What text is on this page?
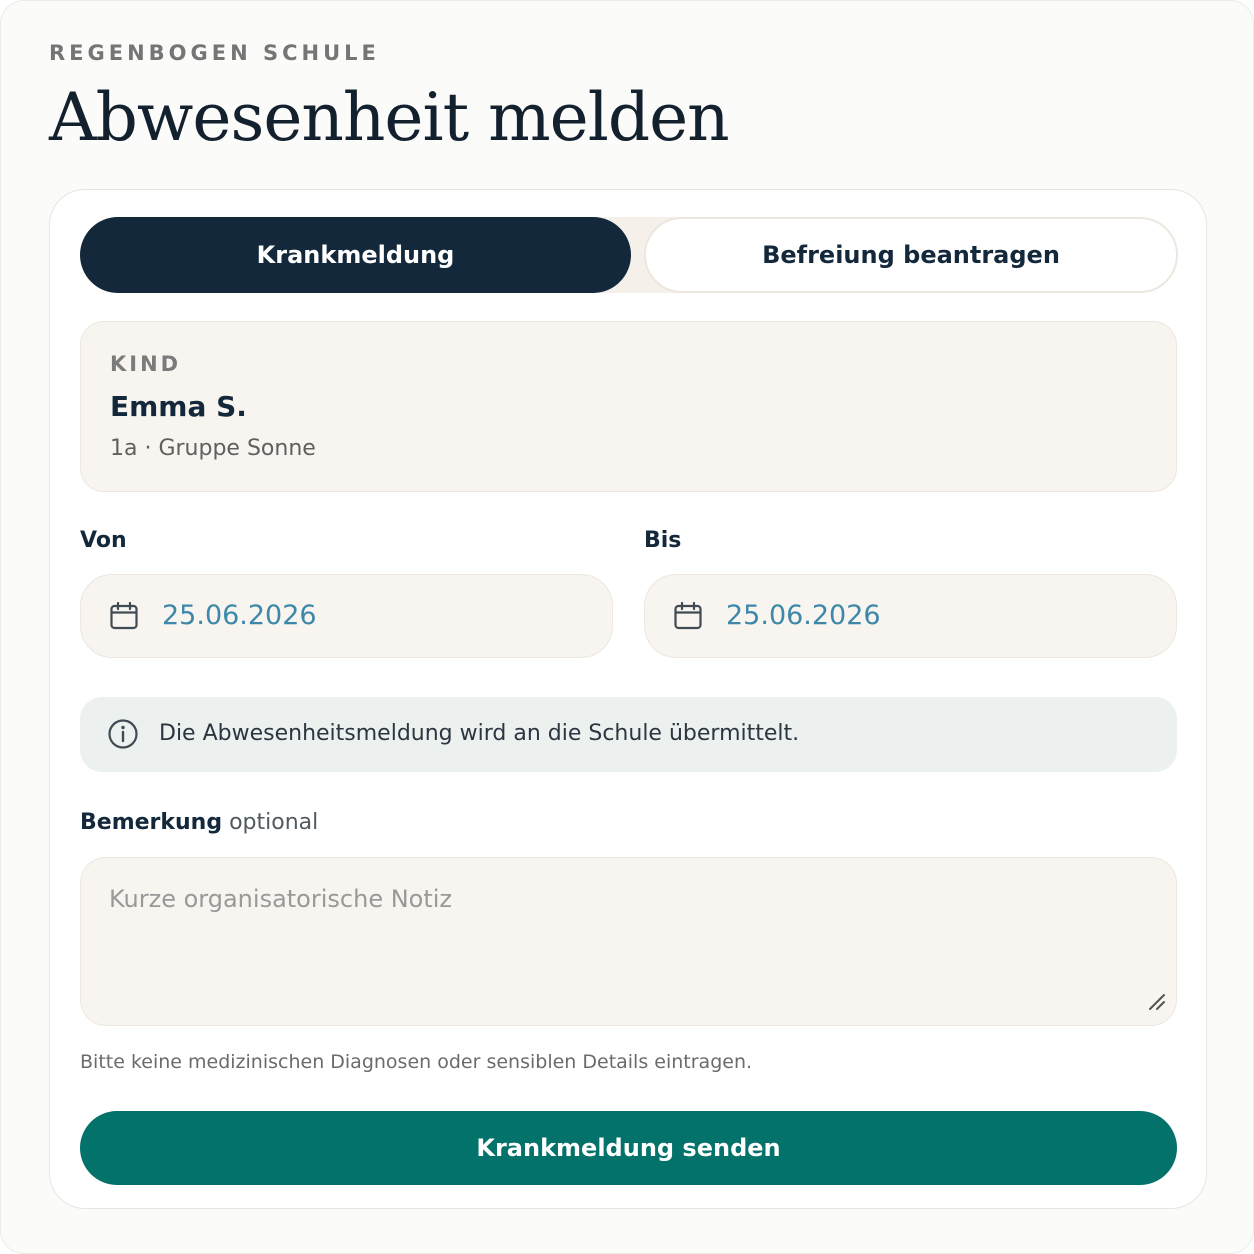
REGENBOGEN SCHULE
Abwesenheit melden
Krankmeldung	Befreiung beantragen
KIND
Emma S.
1a · Gruppe Sonne
Von	Bis
25.06.2026	25.06.2026
Die Abwesenheitsmeldung wird an die Schule übermittelt.
Bemerkung optional
Kurze organisatorische Notiz
Bitte keine medizinischen Diagnosen oder sensiblen Details eintragen.
Krankmeldung senden
